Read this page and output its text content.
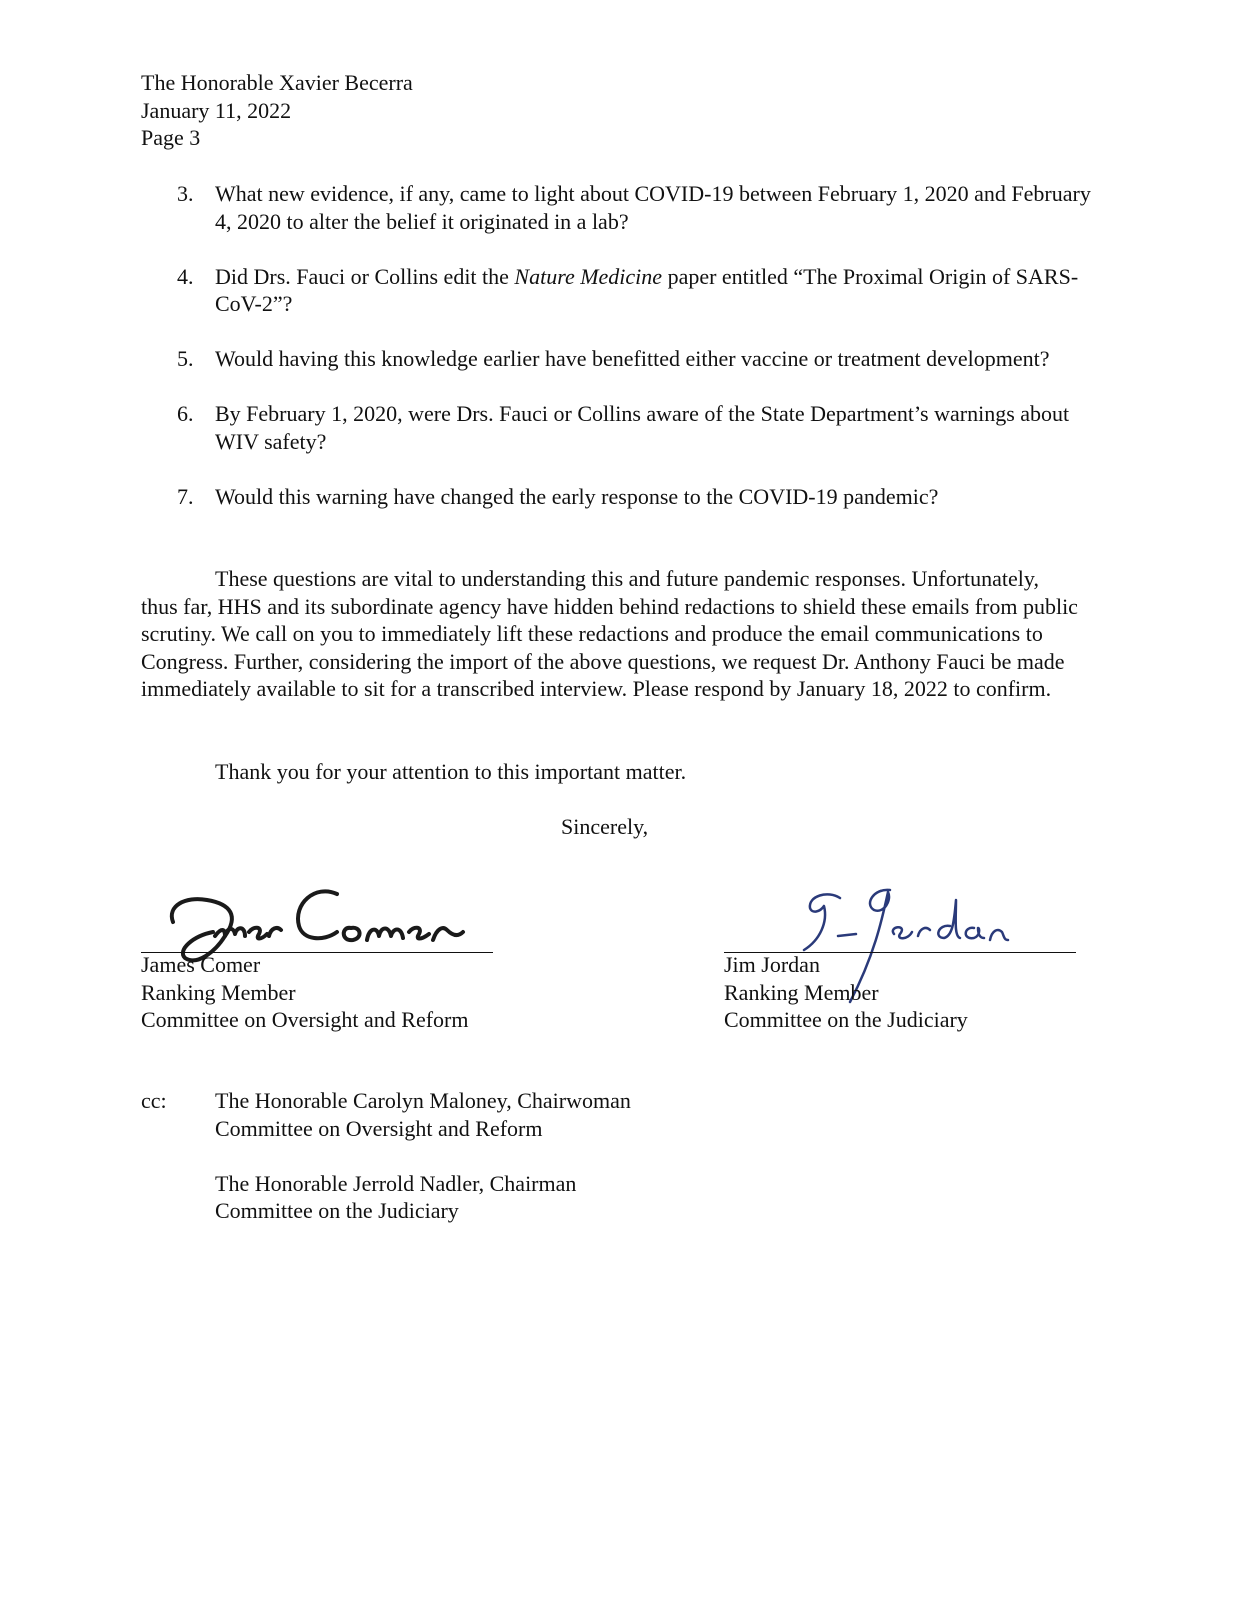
The Honorable Xavier Becerra
January 11, 2022
Page 3
3. What new evidence, if any, came to light about COVID-19 between February 1, 2020 and February 4, 2020 to alter the belief it originated in a lab?
4. Did Drs. Fauci or Collins edit the Nature Medicine paper entitled “The Proximal Origin of SARS-CoV-2”?
5. Would having this knowledge earlier have benefitted either vaccine or treatment development?
6. By February 1, 2020, were Drs. Fauci or Collins aware of the State Department’s warnings about WIV safety?
7. Would this warning have changed the early response to the COVID-19 pandemic?

These questions are vital to understanding this and future pandemic responses. Unfortunately, thus far, HHS and its subordinate agency have hidden behind redactions to shield these emails from public scrutiny. We call on you to immediately lift these redactions and produce the email communications to Congress. Further, considering the import of the above questions, we request Dr. Anthony Fauci be made immediately available to sit for a transcribed interview. Please respond by January 18, 2022 to confirm.

Thank you for your attention to this important matter.

Sincerely,
James Comer
Ranking Member
Committee on Oversight and Reform
Jim Jordan
Ranking Member
Committee on the Judiciary
cc: The Honorable Carolyn Maloney, Chairwoman
Committee on Oversight and Reform
The Honorable Jerrold Nadler, Chairman
Committee on the Judiciary
